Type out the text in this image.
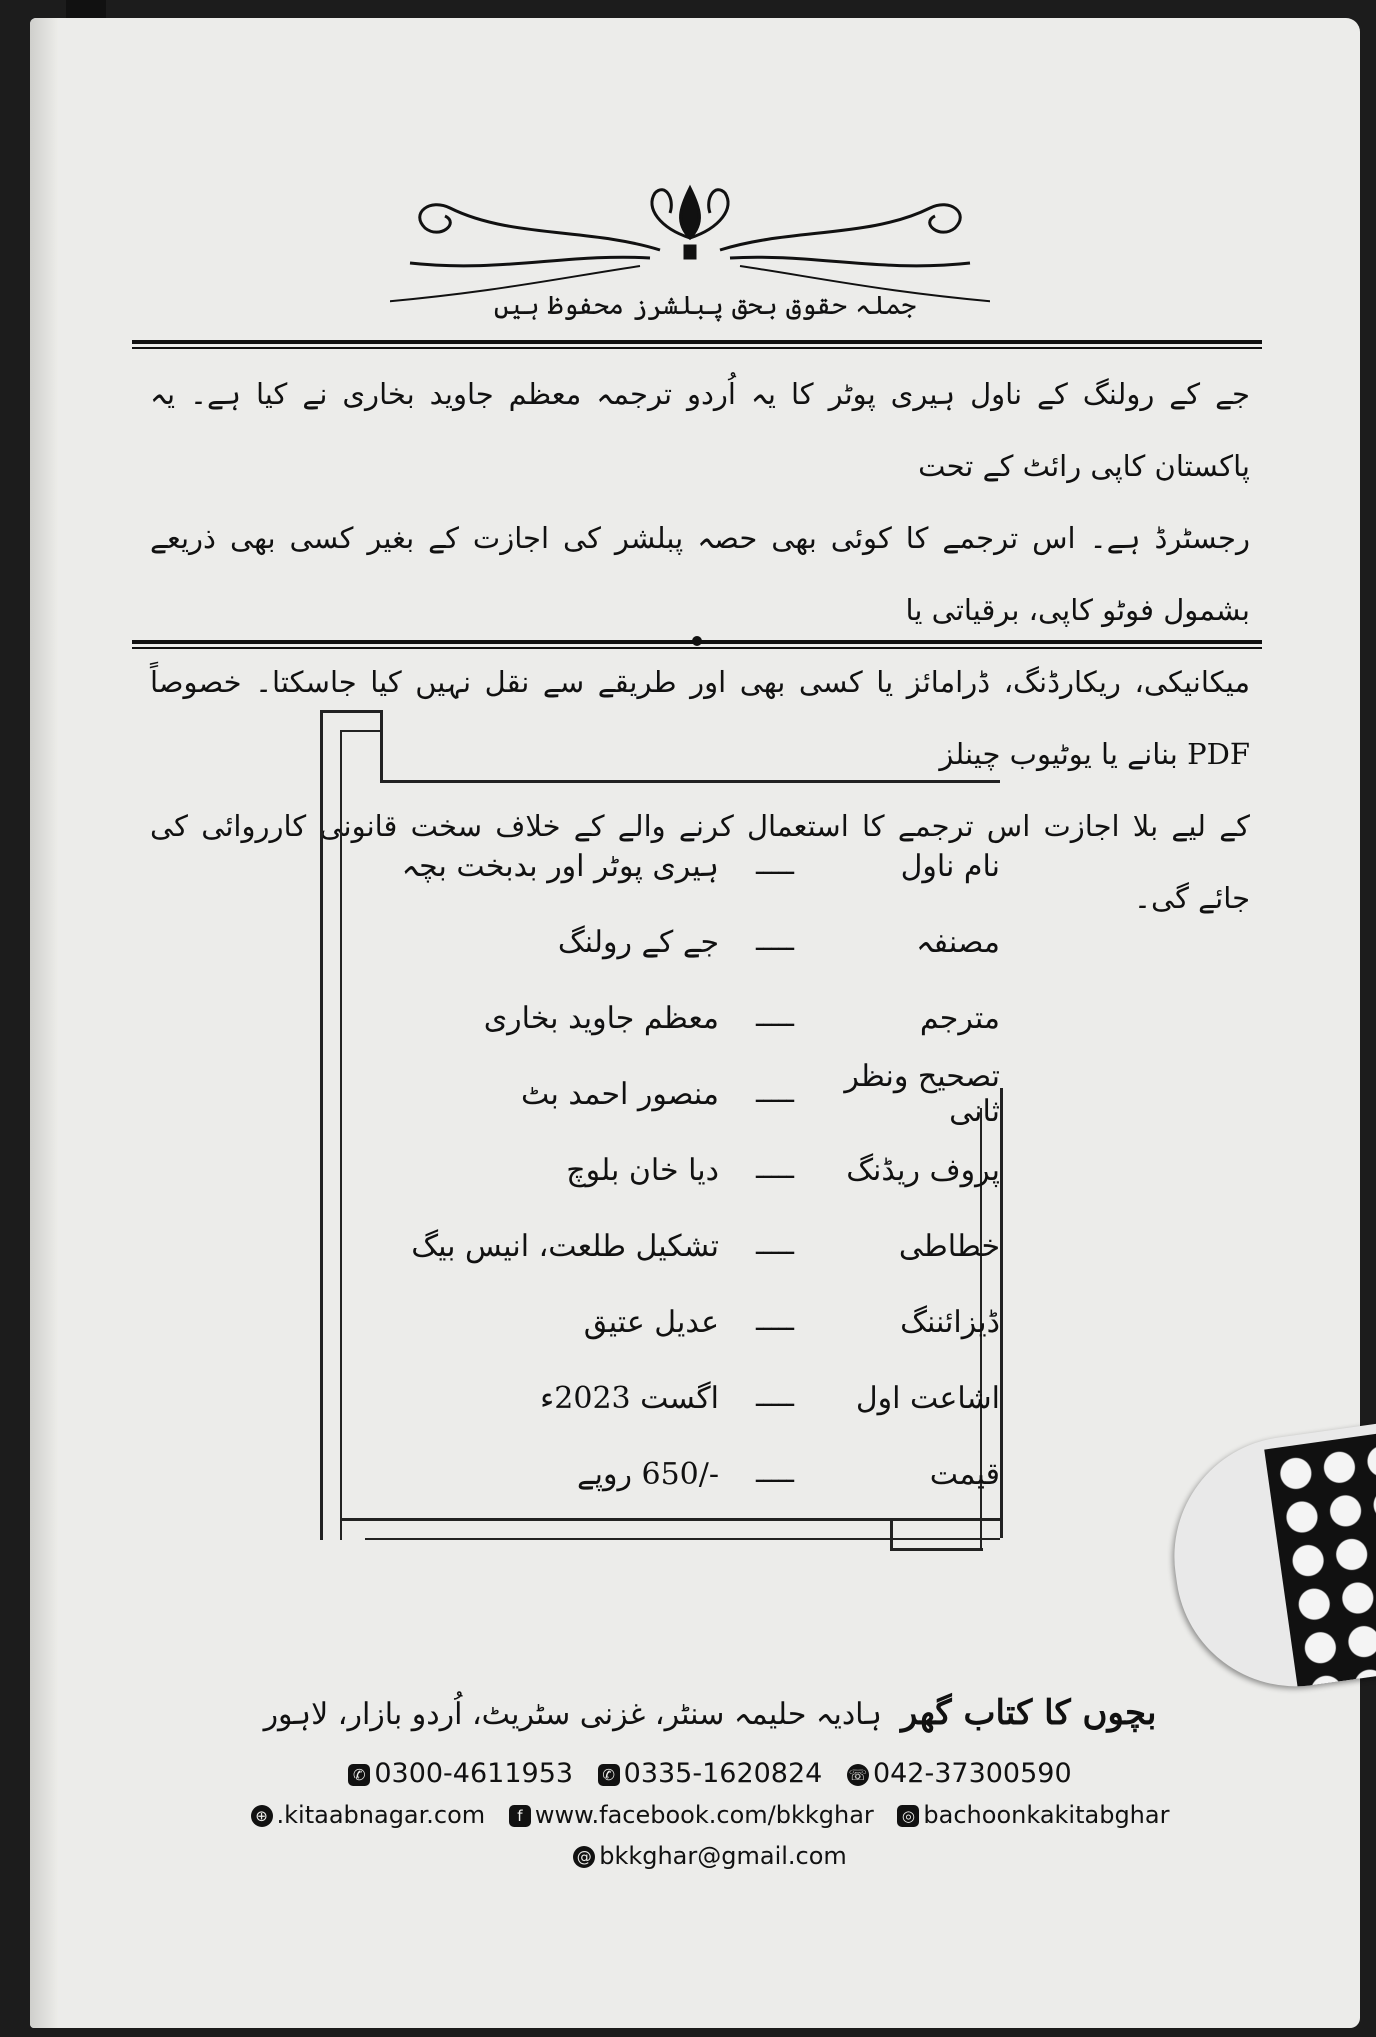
جملہ حقوق بحق پبلشرز محفوظ ہیں
جے کے رولنگ کے ناول ہیری پوٹر کا یہ اُردو ترجمہ معظم جاوید بخاری نے کیا ہے۔ یہ پاکستان کاپی رائٹ کے تحت
رجسٹرڈ ہے۔ اس ترجمے کا کوئی بھی حصہ پبلشر کی اجازت کے بغیر کسی بھی ذریعے بشمول فوٹو کاپی، برقیاتی یا
میکانیکی، ریکارڈنگ، ڈرامائز یا کسی بھی اور طریقے سے نقل نہیں کیا جاسکتا۔ خصوصاً PDF بنانے یا یوٹیوب چینلز
کے لیے بلا اجازت اس ترجمے کا استعمال کرنے والے کے خلاف سخت قانونی کارروائی کی جائے گی۔
نام ناول
ـــــ
ہیری پوٹر اور بدبخت بچہ
مصنفہ
ـــــ
جے کے رولنگ
مترجم
ـــــ
معظم جاوید بخاری
تصحیح ونظر ثانی
ـــــ
منصور احمد بٹ
پروف ریڈنگ
ـــــ
دیا خان بلوچ
خطاطی
ـــــ
تشکیل طلعت، انیس بیگ
ڈیزائننگ
ـــــ
عدیل عتیق
اشاعت اول
ـــــ
اگست 2023ء
قیمت
ـــــ
-/650 روپے
بچوں کا کتاب گھر ہادیہ حلیمہ سنٹر، غزنی سٹریٹ، اُردو بازار، لاہور
✆ 0300-4611953 ✆ 0335-1620824 ☏ 042-37300590
⊕ .kitaabnagar.com f www.facebook.com/bkkghar ◎ bachoonkakitabghar
@ bkkghar@gmail.com
